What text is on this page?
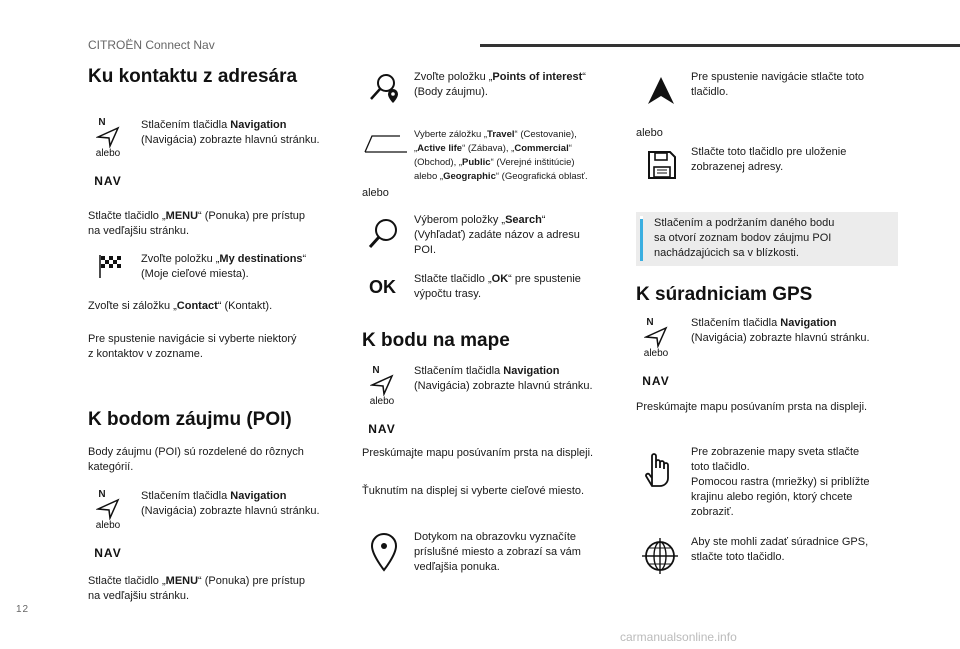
CITROËN Connect Nav
12
carmanualsonline.info
Ku kontaktu z adresára
N
alebo
NAV
Stlačením tlačidla Navigation
(Navigácia) zobrazte hlavnú stránku.
Stlačte tlačidlo „MENU“ (Ponuka) pre prístup
na vedľajšiu stránku.
Zvoľte položku „My destinations“
(Moje cieľové miesta).
Zvoľte si záložku „Contact“ (Kontakt).
Pre spustenie navigácie si vyberte niektorý
z kontaktov v zozname.
K bodom záujmu (POI)
Body záujmu (POI) sú rozdelené do rôznych
kategórií.
N
alebo
NAV
Stlačením tlačidla Navigation
(Navigácia) zobrazte hlavnú stránku.
Stlačte tlačidlo „MENU“ (Ponuka) pre prístup
na vedľajšiu stránku.
Zvoľte položku „Points of interest“
(Body záujmu).
Vyberte záložku „Travel“ (Cestovanie),
„Active life“ (Zábava), „Commercial“
(Obchod), „Public“ (Verejné inštitúcie)
alebo „Geographic“ (Geografická oblasť.
alebo
Výberom položky „Search“
(Vyhľadať) zadáte názov a adresu
POI.
OK Stlačte tlačidlo „OK“ pre spustenie
výpočtu trasy.
K bodu na mape
N
alebo
NAV
Stlačením tlačidla Navigation
(Navigácia) zobrazte hlavnú stránku.
Preskúmajte mapu posúvaním prsta na displeji.
Ťuknutím na displej si vyberte cieľové miesto.
Dotykom na obrazovku vyznačíte
príslušné miesto a zobrazí sa vám
vedľajšia ponuka.
Pre spustenie navigácie stlačte toto
tlačidlo.
alebo
Stlačte toto tlačidlo pre uloženie
zobrazenej adresy.
Stlačením a podržaním daného bodu
sa otvorí zoznam bodov záujmu POI
nachádzajúcich sa v blízkosti.
K súradniciam GPS
N
alebo
NAV
Stlačením tlačidla Navigation
(Navigácia) zobrazte hlavnú stránku.
Preskúmajte mapu posúvaním prsta na displeji.
Pre zobrazenie mapy sveta stlačte
toto tlačidlo.
Pomocou rastra (mriežky) si priblížte
krajinu alebo región, ktorý chcete
zobraziť.
Aby ste mohli zadať súradnice GPS,
stlačte toto tlačidlo.
